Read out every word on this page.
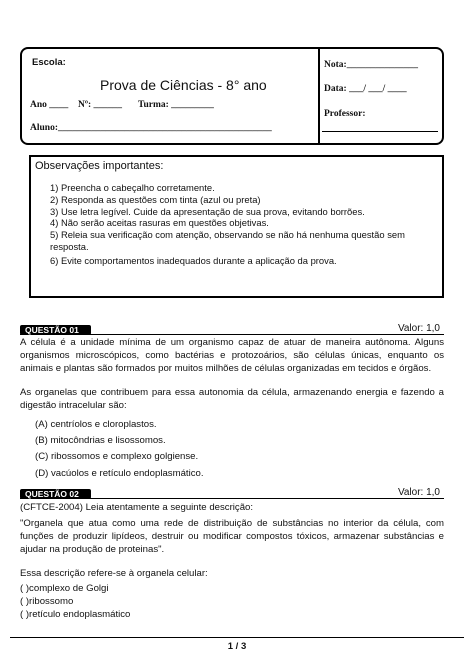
Escola:
Prova de Ciências - 8° ano
Ano ____ Nº: ______ Turma: _________
Aluno:_____________________________________________
Nota:_______________
Data: ___/ ___/ ____
Professor:
Observações importantes:
1) Preencha o cabeçalho corretamente.
2) Responda as questões com tinta (azul ou preta)
3) Use letra legível. Cuide da apresentação de sua prova, evitando borrões.
4) Não serão aceitas rasuras em questões objetivas.
5) Releia sua verificação com atenção, observando se não há nenhuma questão sem resposta.
6) Evite comportamentos inadequados durante a aplicação da prova.
QUESTÃO 01	Valor: 1,0
A célula é a unidade mínima de um organismo capaz de atuar de maneira autônoma. Alguns organismos microscópicos, como bactérias e protozoários, são células únicas, enquanto os animais e plantas são formados por muitos milhões de células organizadas em tecidos e órgãos.
As organelas que contribuem para essa autonomia da célula, armazenando energia e fazendo a digestão intracelular são:
(A) centríolos e cloroplastos.
(B) mitocôndrias e lisossomos.
(C) ribossomos e complexo golgiense.
(D) vacúolos e retículo endoplasmático.
QUESTÃO 02	Valor: 1,0
(CFTCE-2004) Leia atentamente a seguinte descrição:
"Organela que atua como uma rede de distribuição de substâncias no interior da célula, com funções de produzir lipídeos, destruir ou modificar compostos tóxicos, armazenar substâncias e ajudar na produção de proteinas".
Essa descrição refere-se à organela celular:
( )complexo de Golgi
( )ribossomo
( )retículo endoplasmático
1 / 3
